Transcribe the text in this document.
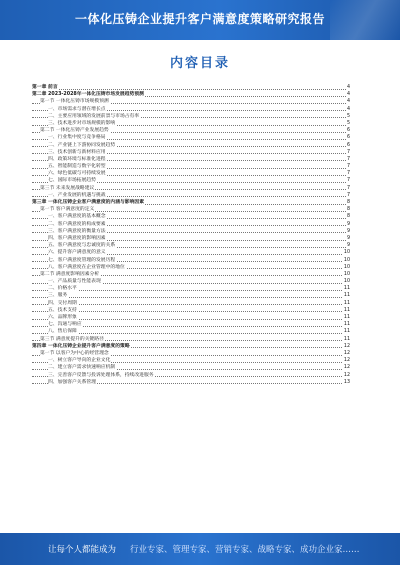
一体化压铸企业提升客户满意度策略研究报告
内容目录
第一章 前言	4
第二章 2023-2028年一体化压铸市场发展趋势预测	4
第一节 一体化压铸市场规模预测	4
一、市场需求与潜在增长点	4
二、主要应用领域的发展前景与市场占有率	5
三、技术进步对市场规模的影响	5
第二节 一体化压铸产业发展趋势	6
一、行业集中度与竞争格局	6
二、产业链上下游协同发展趋势	6
三、技术创新与新材料应用	7
四、政策环境与标准化进程	7
五、智能制造与数字化转型	7
六、绿色低碳与可持续发展	7
七、国际市场拓展趋势	7
第三节 未来发展战略建议	7
一、产业发展的机遇与挑战	7
第三章 一体化压铸企业客户满意度的内涵与影响因素	8
第一节 客户满意度的定义	8
一、客户满意度的基本概念	8
二、客户满意度的构成要素	9
三、客户满意度的衡量方法	9
四、客户满意度的影响因素	9
五、客户满意度与忠诚度的关系	9
六、提升客户满意度的意义	10
七、客户满意度管理的发展历程	10
八、客户满意度在企业管理中的地位	10
第二节 满意度影响因素分析	10
一、产品质量与性能表现	10
二、价格水平	11
三、服务	11
四、交付周期	11
五、技术支持	11
六、品牌形象	11
七、沟通与响应	11
八、售后保障	11
第三节 满意度提升的关键路径	11
第四章 一体化压铸企业提升客户满意度的策略	12
第一节 以客户为中心的经营理念	12
一、树立客户导向的企业文化	12
二、建立客户需求快速响应机制	12
三、完善客户反馈与投诉处理体系，持续改进服务	12
四、加强客户关系管理	13
让每个人都能成为 行业专家、管理专家、营销专家、战略专家、成功企业家……
